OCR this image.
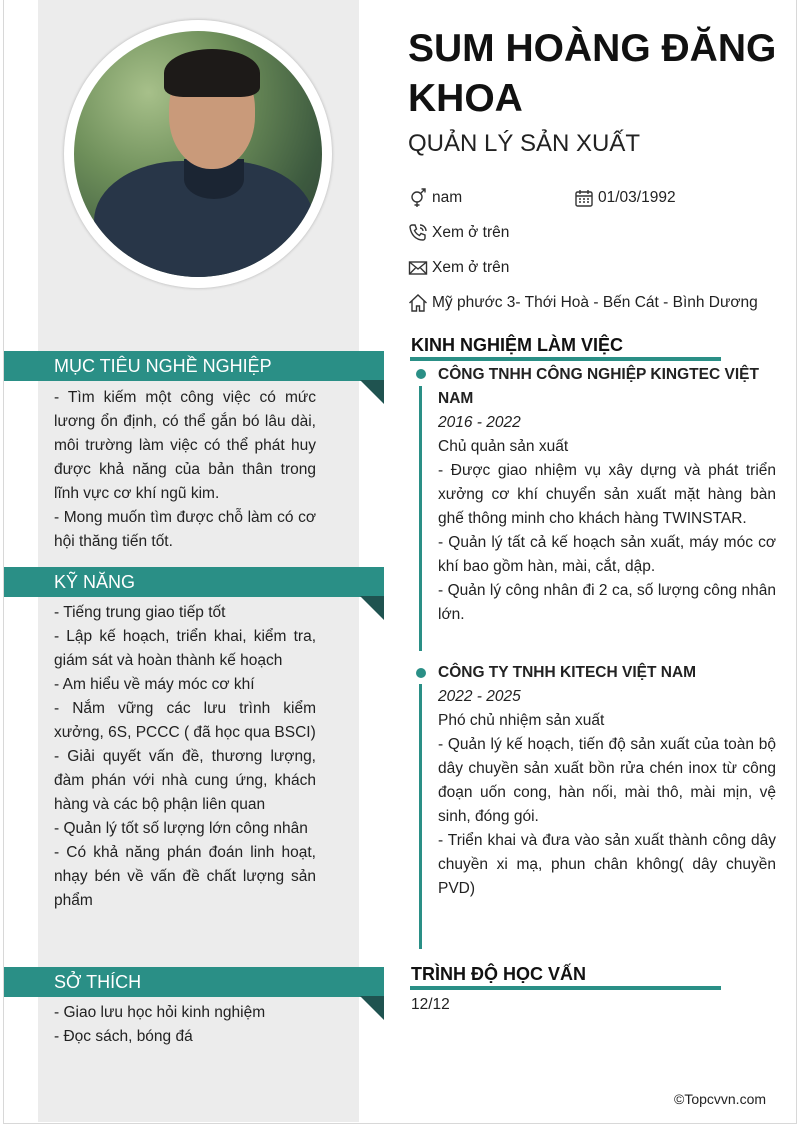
MỤC TIÊU NGHỀ NGHIỆP

- Tìm kiếm một công việc có mức lương ổn định, có thể gắn bó lâu dài, môi trường làm việc có thể phát huy được khả năng của bản thân trong lĩnh vực cơ khí ngũ kim.

- Mong muốn tìm được chỗ làm có cơ hội thăng tiến tốt.

KỸ NĂNG

- Tiếng trung giao tiếp tốt

- Lập kế hoạch, triển khai, kiểm tra, giám sát và hoàn thành kế hoạch

- Am hiểu về máy móc cơ khí

- Nắm vững các lưu trình kiểm xưởng, 6S, PCCC ( đã học qua BSCI)

- Giải quyết vấn đề, thương lượng, đàm phán với nhà cung ứng, khách hàng và các bộ phận liên quan

- Quản lý tốt số lượng lớn công nhân

- Có khả năng phán đoán linh hoạt, nhạy bén về vấn đề chất lượng sản phẩm

SỞ THÍCH

- Giao lưu học hỏi kinh nghiệm

- Đọc sách, bóng đá

SUM HOÀNG ĐĂNG KHOA
QUẢN LÝ SẢN XUẤT
nam	01/03/1992
Xem ở trên
Xem ở trên
Mỹ phước 3- Thới Hoà - Bến Cát - Bình Dương
KINH NGHIỆM LÀM VIỆC

CÔNG TNHH CÔNG NGHIỆP KINGTEC VIỆT NAM

2016 - 2022

Chủ quản sản xuất

- Được giao nhiệm vụ xây dựng và phát triển xưởng cơ khí chuyển sản xuất mặt hàng bàn ghế thông minh cho khách hàng TWINSTAR.

- Quản lý tất cả kế hoạch sản xuất, máy móc cơ khí bao gồm hàn, mài, cắt, dập.

- Quản lý công nhân đi 2 ca, số lượng công nhân lớn.

CÔNG TY TNHH KITECH VIỆT NAM

2022 - 2025

Phó chủ nhiệm sản xuất

- Quản lý kế hoạch, tiến độ sản xuất của toàn bộ dây chuyền sản xuất bồn rửa chén inox từ công đoạn uốn cong, hàn nối, mài thô, mài mịn, vệ sinh, đóng gói.

- Triển khai và đưa vào sản xuất thành công dây chuyền xi mạ, phun chân không( dây chuyền PVD)

TRÌNH ĐỘ HỌC VẤN
12/12
©Topcvvn.com
